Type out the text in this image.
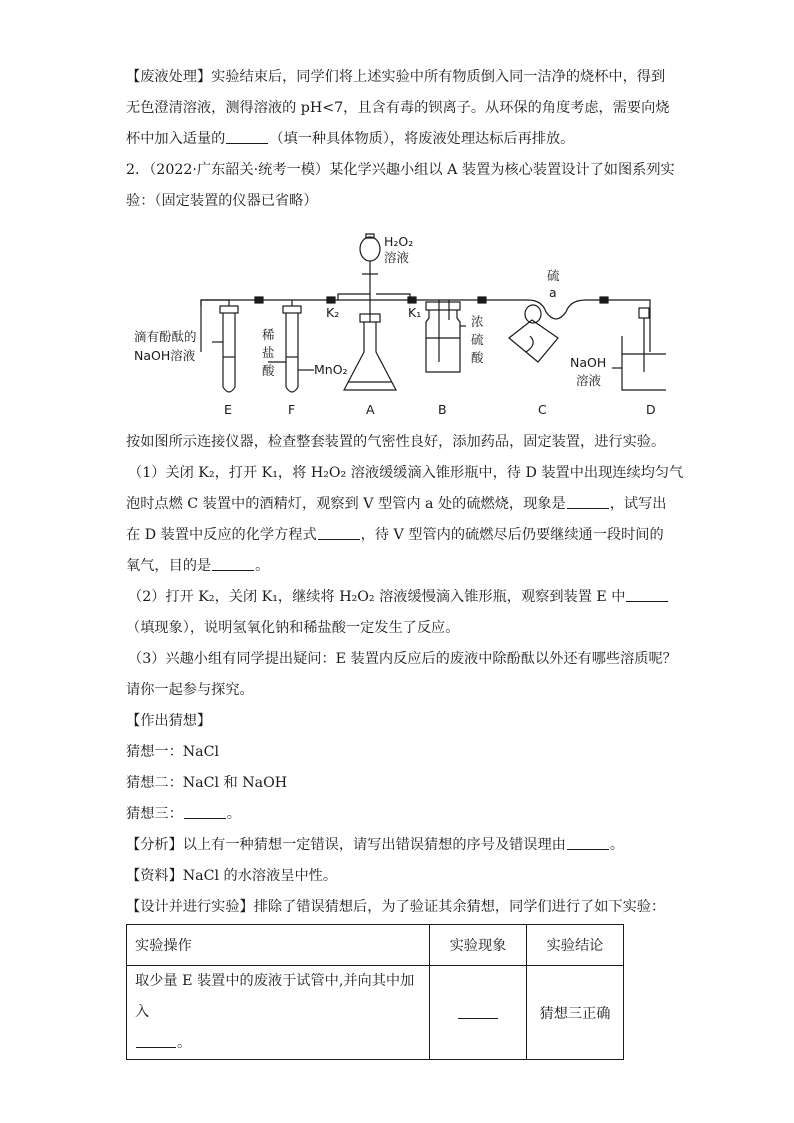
【废液处理】实验结束后，同学们将上述实验中所有物质倒入同一洁净的烧杯中，得到

无色澄清溶液，测得溶液的 pH<7，且含有毒的钡离子。从环保的角度考虑，需要向烧

杯中加入适量的	（填一种具体物质），将废液处理达标后再排放。

2．（2022·广东韶关·统考一模）某化学兴趣小组以 A 装置为核心装置设计了如图系列实

验：（固定装置的仪器已省略）

H₂O₂
溶液
硫
a
K₂	K₁
滴有酚酞的
NaOH溶液
稀
盐
酸	MnO₂
浓
硫
酸	NaOH
溶液
E	F	A	B	C	D

按如图所示连接仪器，检查整套装置的气密性良好，添加药品，固定装置，进行实验。

（1）关闭 K₂，打开 K₁，将 H₂O₂ 溶液缓缓滴入锥形瓶中，待 D 装置中出现连续均匀气

泡时点燃 C 装置中的酒精灯，观察到 V 型管内 a 处的硫燃烧，现象是	，试写出

在 D 装置中反应的化学方程式	，待 V 型管内的硫燃尽后仍要继续通一段时间的

氧气，目的是	。

（2）打开 K₂，关闭 K₁，继续将 H₂O₂ 溶液缓慢滴入锥形瓶，观察到装置 E 中

（填现象），说明氢氧化钠和稀盐酸一定发生了反应。

（3）兴趣小组有同学提出疑问：E 装置内反应后的废液中除酚酞以外还有哪些溶质呢？

请你一起参与探究。

【作出猜想】

猜想一：NaCl

猜想二：NaCl 和 NaOH

猜想三：	。

【分析】以上有一种猜想一定错误，请写出错误猜想的序号及错误理由	。

【资料】NaCl 的水溶液呈中性。

【设计并进行实验】排除了错误猜想后，为了验证其余猜想，同学们进行了如下实验：

实验操作	实验现象	实验结论

取少量 E 装置中的废液于试管中,并向其中加入
。		猜想三正确
